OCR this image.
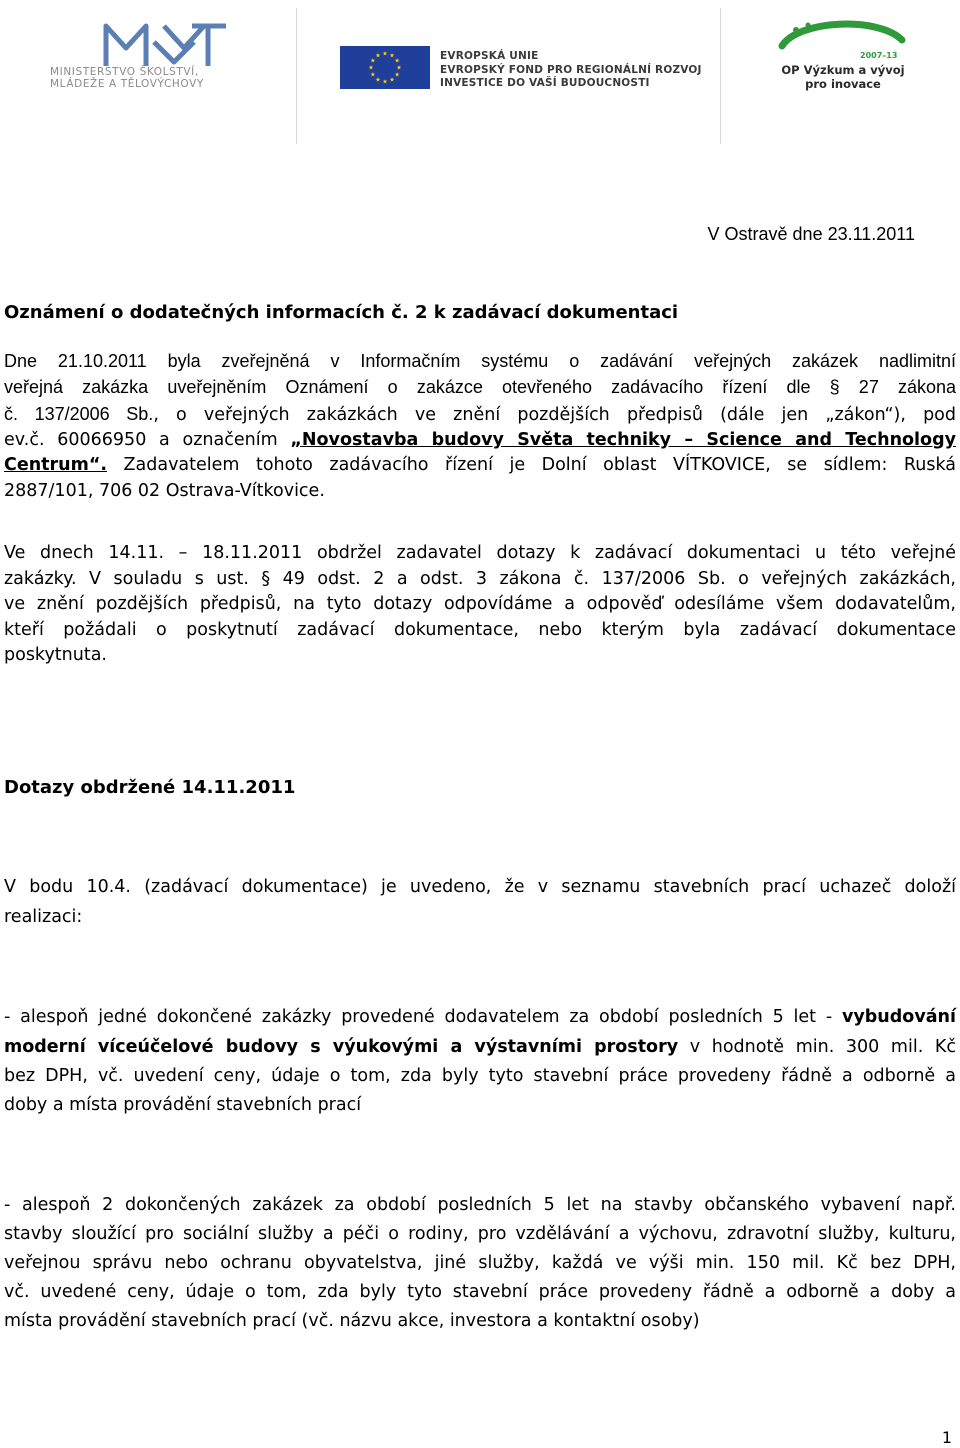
MINISTERSTVO ŠKOLSTVÍ,
MLÁDEŽE A TĚLOVÝCHOVY
EVROPSKÁ UNIE
EVROPSKÝ FOND PRO REGIONÁLNÍ ROZVOJ
INVESTICE DO VAŠÍ BUDOUCNOSTI
2007–13
OP Výzkum a vývoj
pro inovace
V Ostravě dne 23.11.2011
Oznámení o dodatečných informacích č. 2 k zadávací dokumentaci
Dne 21.10.2011 byla zveřejněná v Informačním systému o zadávání veřejných zakázek nadlimitní
veřejná zakázka uveřejněním Oznámení o zakázce otevřeného zadávacího řízení dle § 27 zákona
č. 137/2006 Sb., o veřejných zakázkách ve znění pozdějších předpisů (dále jen „zákon“), pod
ev.č. 60066950 a označením „Novostavba budovy Světa techniky – Science and Technology
Centrum“. Zadavatelem tohoto zadávacího řízení je Dolní oblast VÍTKOVICE, se sídlem: Ruská
2887/101, 706 02 Ostrava-Vítkovice.
Ve dnech 14.11. – 18.11.2011 obdržel zadavatel dotazy k zadávací dokumentaci u této veřejné
zakázky. V souladu s ust. § 49 odst. 2 a odst. 3 zákona č. 137/2006 Sb. o veřejných zakázkách,
ve znění pozdějších předpisů, na tyto dotazy odpovídáme a odpověď odesíláme všem dodavatelům,
kteří požádali o poskytnutí zadávací dokumentace, nebo kterým byla zadávací dokumentace
poskytnuta.
Dotazy obdržené 14.11.2011
V bodu 10.4. (zadávací dokumentace) je uvedeno, že v seznamu stavebních prací uchazeč doloží
realizaci:
- alespoň jedné dokončené zakázky provedené dodavatelem za období posledních 5 let - vybudování
moderní víceúčelové budovy s výukovými a výstavními prostory v hodnotě min. 300 mil. Kč
bez DPH, vč. uvedení ceny, údaje o tom, zda byly tyto stavební práce provedeny řádně a odborně a
doby a místa provádění stavebních prací
- alespoň 2 dokončených zakázek za období posledních 5 let na stavby občanského vybavení např.
stavby sloužící pro sociální služby a péči o rodiny, pro vzdělávání a výchovu, zdravotní služby, kulturu,
veřejnou správu nebo ochranu obyvatelstva, jiné služby, každá ve výši min. 150 mil. Kč bez DPH,
vč. uvedené ceny, údaje o tom, zda byly tyto stavební práce provedeny řádně a odborně a doby a
místa provádění stavebních prací (vč. názvu akce, investora a kontaktní osoby)
1
